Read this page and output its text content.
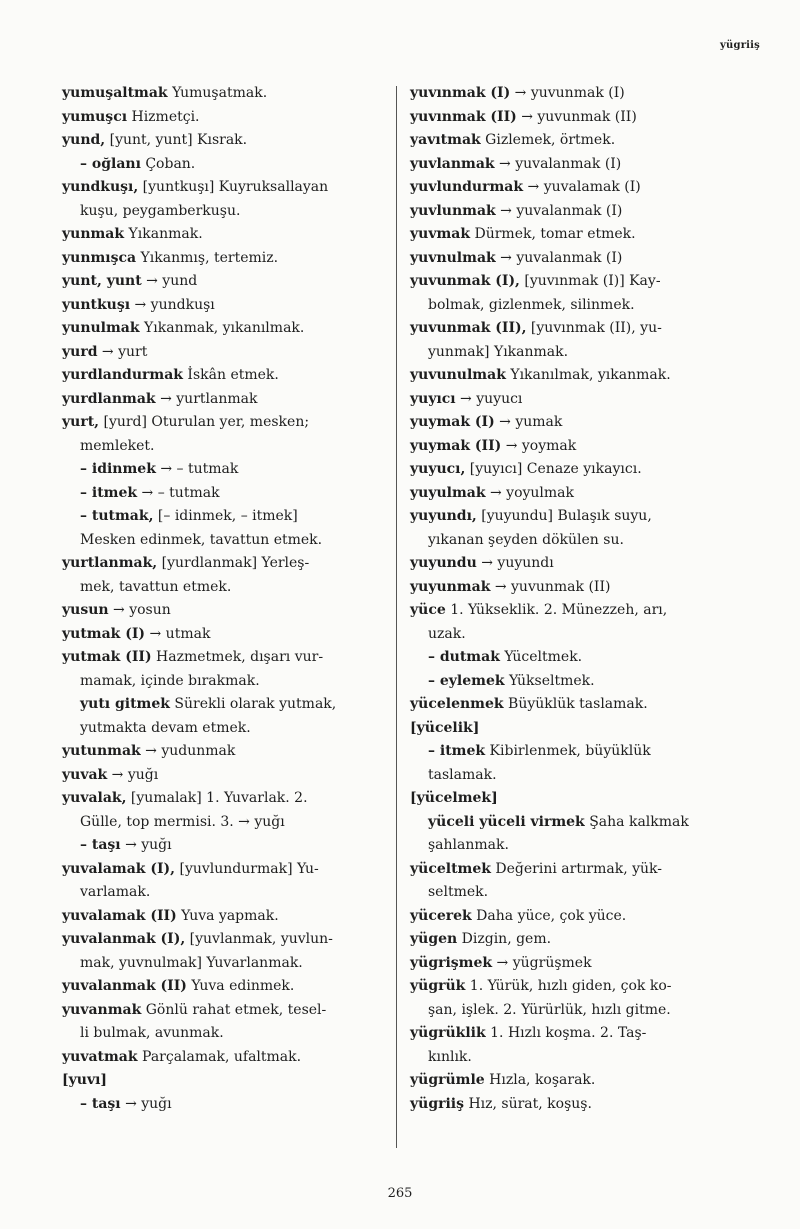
yügriiş
yumuşaltmak Yumuşatmak.
yumuşcı Hizmetçi.
yund, [yunt, yunt] Kısrak.
– oğlanı Çoban.
yundkuşı, [yuntkuşı] Kuyruksallayan
kuşu, peygamberkuşu.
yunmak Yıkanmak.
yunmışca Yıkanmış, tertemiz.
yunt, yunt → yund
yuntkuşı → yundkuşı
yunulmak Yıkanmak, yıkanılmak.
yurd → yurt
yurdlandurmak İskân etmek.
yurdlanmak → yurtlanmak
yurt, [yurd] Oturulan yer, mesken;
memleket.
– idinmek → – tutmak
– itmek → – tutmak
– tutmak, [– idinmek, – itmek]
Mesken edinmek, tavattun etmek.
yurtlanmak, [yurdlanmak] Yerleş-
mek, tavattun etmek.
yusun → yosun
yutmak (I) → utmak
yutmak (II) Hazmetmek, dışarı vur-
mamak, içinde bırakmak.
yutı gitmek Sürekli olarak yutmak,
yutmakta devam etmek.
yutunmak → yudunmak
yuvak → yuğı
yuvalak, [yumalak] 1. Yuvarlak. 2.
Gülle, top mermisi. 3. → yuğı
– taşı → yuğı
yuvalamak (I), [yuvlundurmak] Yu-
varlamak.
yuvalamak (II) Yuva yapmak.
yuvalanmak (I), [yuvlanmak, yuvlun-
mak, yuvnulmak] Yuvarlanmak.
yuvalanmak (II) Yuva edinmek.
yuvanmak Gönlü rahat etmek, tesel-
li bulmak, avunmak.
yuvatmak Parçalamak, ufaltmak.
[yuvı]
– taşı → yuğı
yuvınmak (I) → yuvunmak (I)
yuvınmak (II) → yuvunmak (II)
yavıtmak Gizlemek, örtmek.
yuvlanmak → yuvalanmak (I)
yuvlundurmak → yuvalamak (I)
yuvlunmak → yuvalanmak (I)
yuvmak Dürmek, tomar etmek.
yuvnulmak → yuvalanmak (I)
yuvunmak (I), [yuvınmak (I)] Kay-
bolmak, gizlenmek, silinmek.
yuvunmak (II), [yuvınmak (II), yu-
yunmak] Yıkanmak.
yuvunulmak Yıkanılmak, yıkanmak.
yuyıcı → yuyucı
yuymak (I) → yumak
yuymak (II) → yoymak
yuyucı, [yuyıcı] Cenaze yıkayıcı.
yuyulmak → yoyulmak
yuyundı, [yuyundu] Bulaşık suyu,
yıkanan şeyden dökülen su.
yuyundu → yuyundı
yuyunmak → yuvunmak (II)
yüce 1. Yükseklik. 2. Münezzeh, arı,
uzak.
– dutmak Yüceltmek.
– eylemek Yükseltmek.
yücelenmek Büyüklük taslamak.
[yücelik]
– itmek Kibirlenmek, büyüklük
taslamak.
[yücelmek]
yüceli yüceli virmek Şaha kalkmak
şahlanmak.
yüceltmek Değerini artırmak, yük-
seltmek.
yücerek Daha yüce, çok yüce.
yügen Dizgin, gem.
yügrişmek → yügrüşmek
yügrük 1. Yürük, hızlı giden, çok ko-
şan, işlek. 2. Yürürlük, hızlı gitme.
yügrüklik 1. Hızlı koşma. 2. Taş-
kınlık.
yügrümle Hızla, koşarak.
yügriiş Hız, sürat, koşuş.
265
